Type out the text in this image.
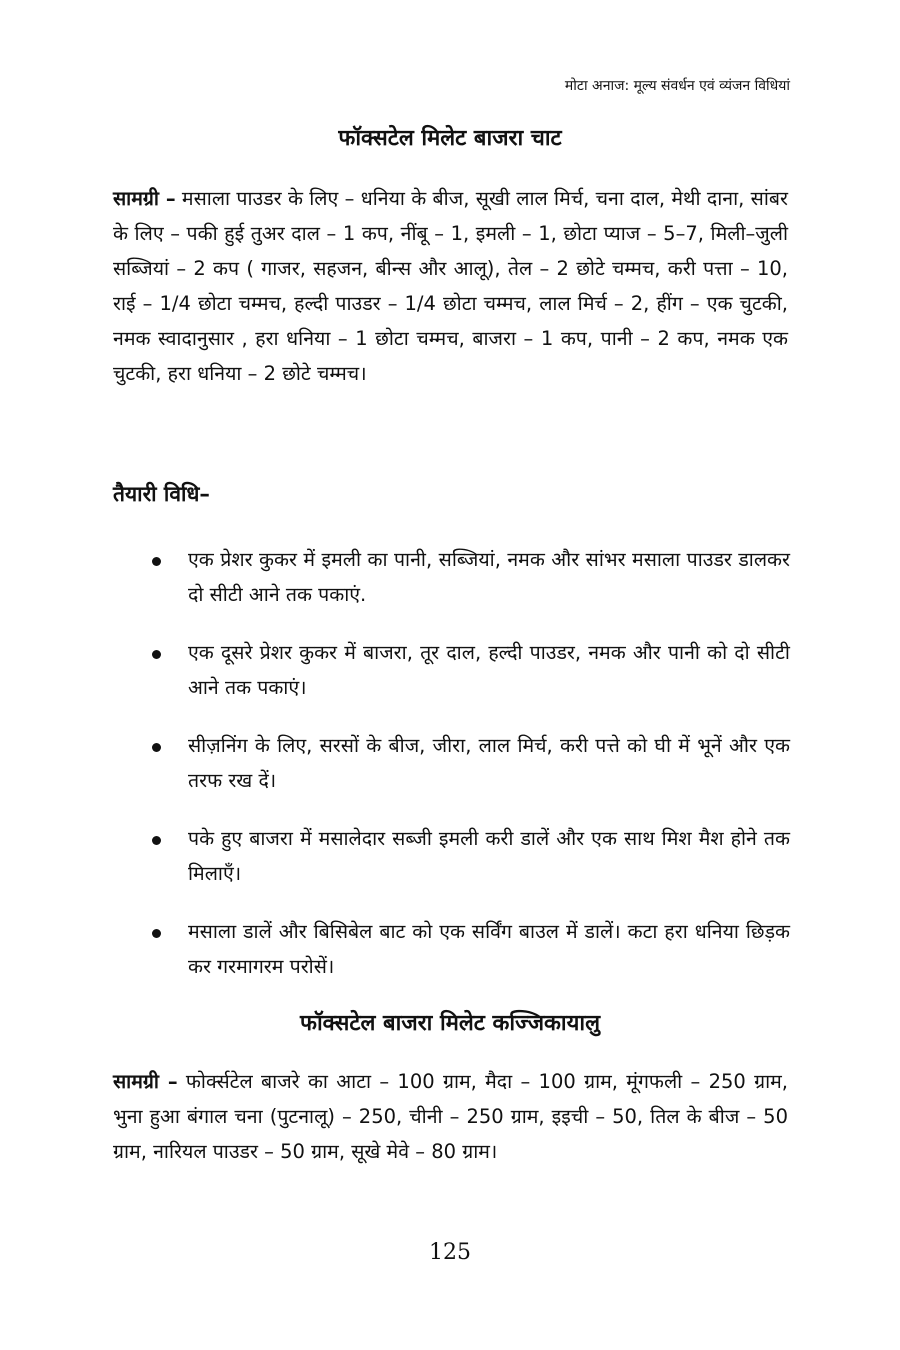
मोटा अनाज: मूल्य संवर्धन एवं व्यंजन विधियां
फॉक्सटेल मिलेट बाजरा चाट

सामग्री – मसाला पाउडर के लिए – धनिया के बीज, सूखी लाल मिर्च, चना दाल, मेथी दाना, सांबर के लिए – पकी हुई तुअर दाल – 1 कप, नींबू – 1, इमली – 1, छोटा प्याज – 5–7, मिली–जुली सब्जियां – 2 कप ( गाजर, सहजन, बीन्स और आलू), तेल – 2 छोटे चम्मच, करी पत्ता – 10, राई – 1/4 छोटा चम्मच, हल्दी पाउडर – 1/4 छोटा चम्मच, लाल मिर्च – 2, हींग – एक चुटकी, नमक स्वादानुसार , हरा धनिया – 1 छोटा चम्मच, बाजरा – 1 कप, पानी – 2 कप, नमक एक चुटकी, हरा धनिया – 2 छोटे चम्मच।

तैयारी विधि–
एक प्रेशर कुकर में इमली का पानी, सब्जियां, नमक और सांभर मसाला पाउडर डालकर दो सीटी आने तक पकाएं.
एक दूसरे प्रेशर कुकर में बाजरा, तूर दाल, हल्दी पाउडर, नमक और पानी को दो सीटी आने तक पकाएं।
सीज़निंग के लिए, सरसों के बीज, जीरा, लाल मिर्च, करी पत्ते को घी में भूनें और एक तरफ रख दें।
पके हुए बाजरा में मसालेदार सब्जी इमली करी डालें और एक साथ मिश मैश होने तक मिलाएँ।
मसाला डालें और बिसिबेल बाट को एक सर्विंग बाउल में डालें। कटा हरा धनिया छिड़क कर गरमागरम परोसें।
फॉक्सटेल बाजरा मिलेट कज्जिकायालु

सामग्री – फोर्क्सटेल बाजरे का आटा – 100 ग्राम, मैदा – 100 ग्राम, मूंगफली – 250 ग्राम, भुना हुआ बंगाल चना (पुटनालू) – 250, चीनी – 250 ग्राम, इइची – 50, तिल के बीज – 50 ग्राम, नारियल पाउडर – 50 ग्राम, सूखे मेवे – 80 ग्राम।

125
